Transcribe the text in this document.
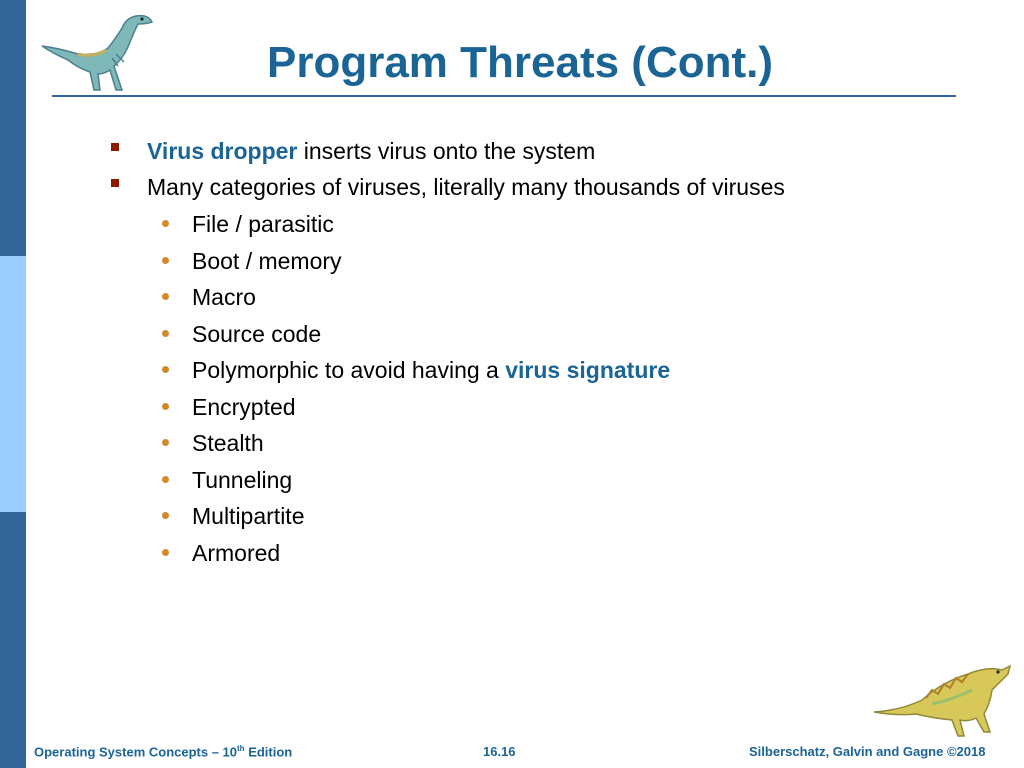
Program Threats (Cont.)
Virus dropper inserts virus onto the system
Many categories of viruses, literally many thousands of viruses
File / parasitic
Boot / memory
Macro
Source code
Polymorphic to avoid having a virus signature
Encrypted
Stealth
Tunneling
Multipartite
Armored
Operating System Concepts – 10th Edition	16.16	Silberschatz, Galvin and Gagne ©2018
